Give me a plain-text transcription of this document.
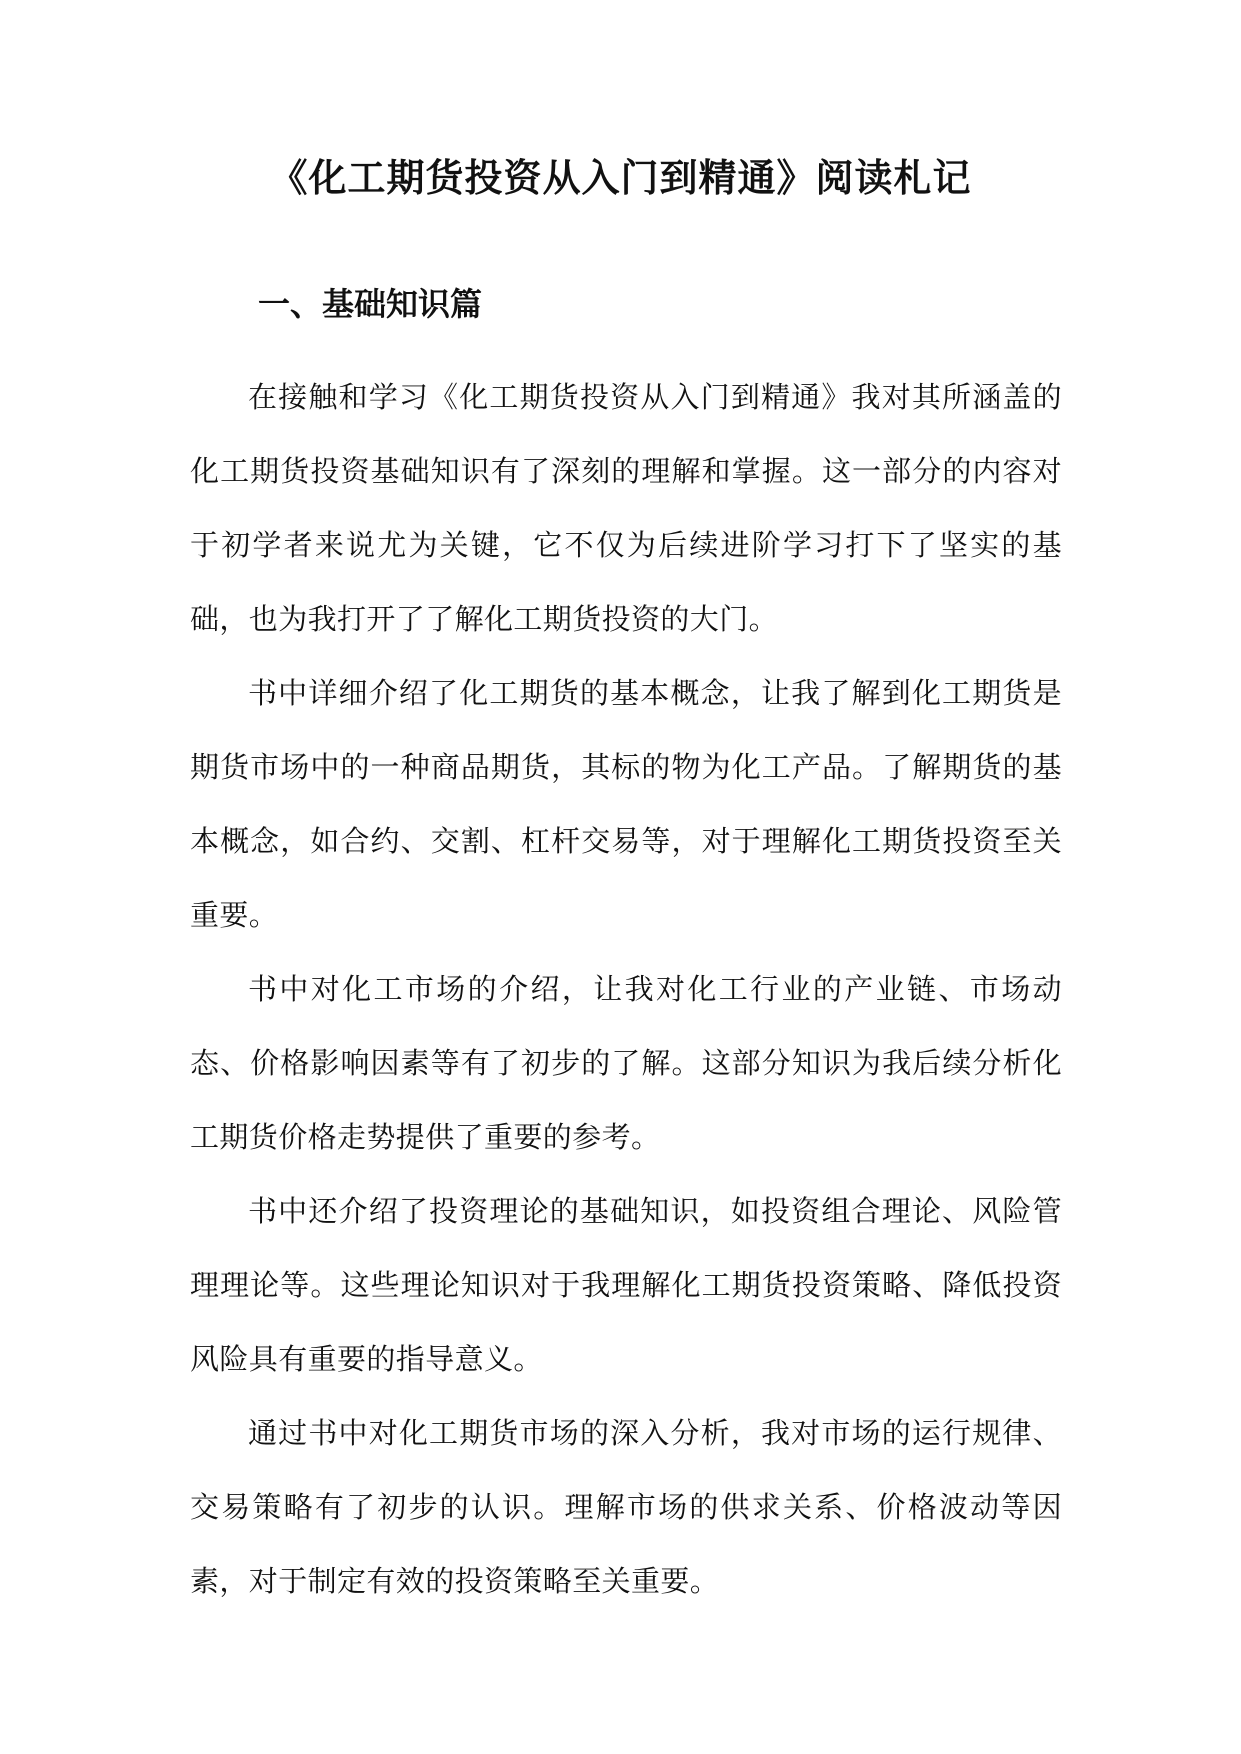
《化工期货投资从入门到精通》阅读札记
一、基础知识篇

在接触和学习《化工期货投资从入门到精通》我对其所涵盖的化工期货投资基础知识有了深刻的理解和掌握。这一部分的内容对于初学者来说尤为关键，它不仅为后续进阶学习打下了坚实的基础，也为我打开了了解化工期货投资的大门。

书中详细介绍了化工期货的基本概念，让我了解到化工期货是期货市场中的一种商品期货，其标的物为化工产品。了解期货的基本概念，如合约、交割、杠杆交易等，对于理解化工期货投资至关重要。

书中对化工市场的介绍，让我对化工行业的产业链、市场动态、价格影响因素等有了初步的了解。这部分知识为我后续分析化工期货价格走势提供了重要的参考。

书中还介绍了投资理论的基础知识，如投资组合理论、风险管理理论等。这些理论知识对于我理解化工期货投资策略、降低投资风险具有重要的指导意义。

通过书中对化工期货市场的深入分析，我对市场的运行规律、交易策略有了初步的认识。理解市场的供求关系、价格波动等因素，对于制定有效的投资策略至关重要。
